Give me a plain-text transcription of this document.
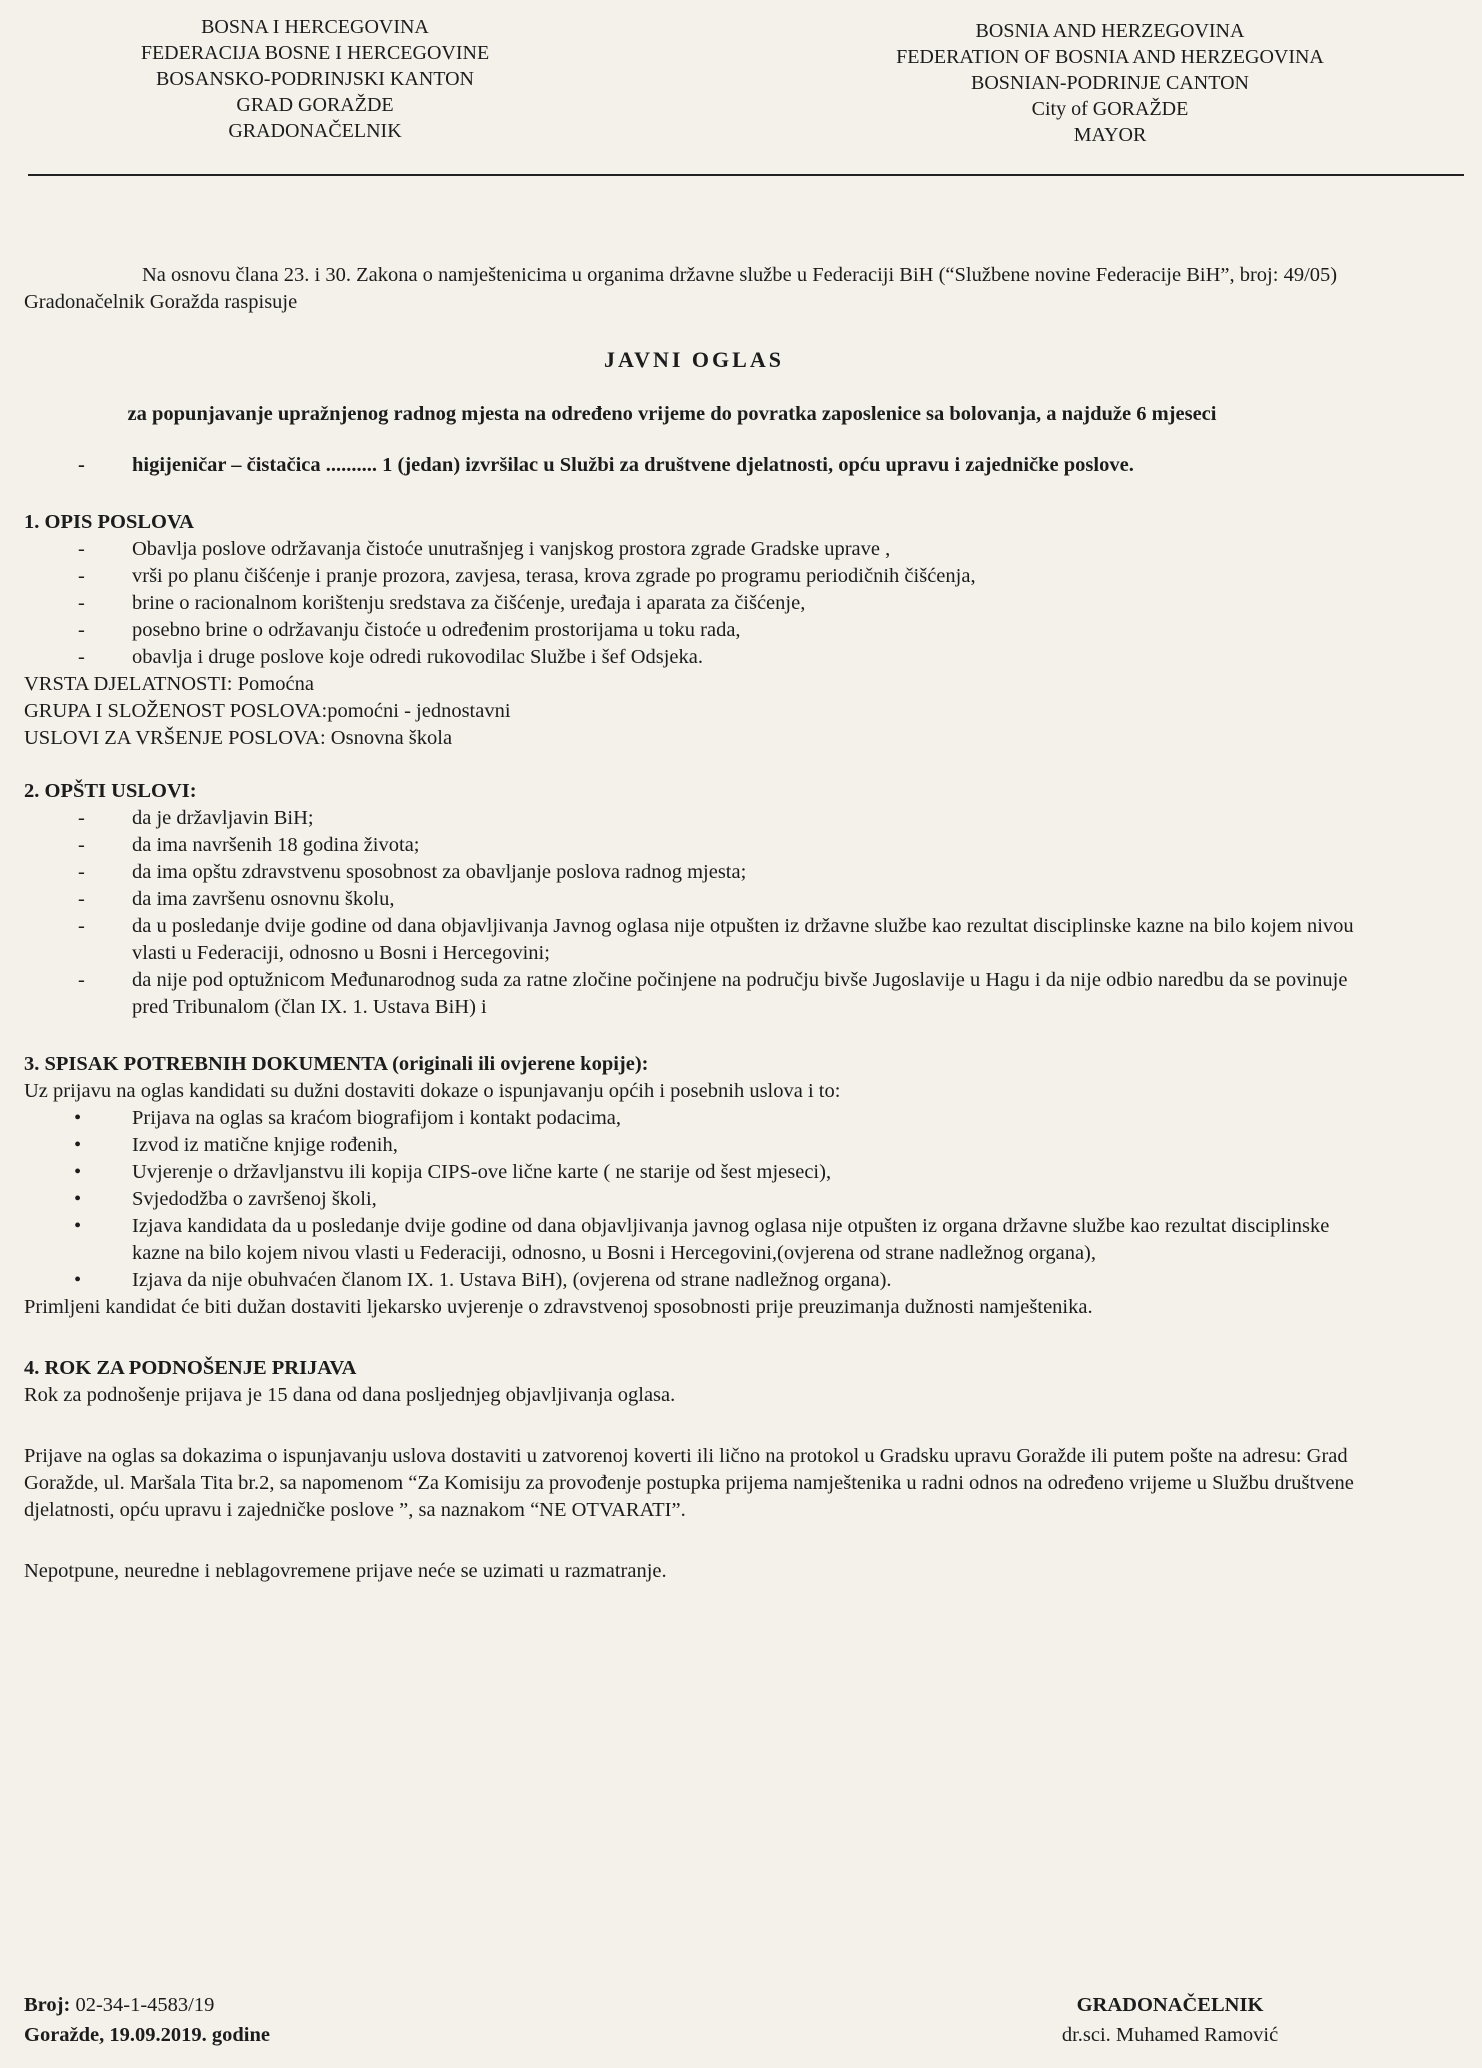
BOSNA I HERCEGOVINA
FEDERACIJA BOSNE I HERCEGOVINE
BOSANSKO-PODRINJSKI KANTON
GRAD GORAŽDE
GRADONAČELNIK
BOSNIA AND HERZEGOVINA
FEDERATION OF BOSNIA AND HERZEGOVINA
BOSNIAN-PODRINJE CANTON
City of GORAŽDE
MAYOR

Na osnovu člana 23. i 30. Zakona o namještenicima u organima državne službe u Federaciji BiH (“Službene novine Federacije BiH”, broj: 49/05) Gradonačelnik Goražda raspisuje

JAVNI OGLAS

za popunjavanje upražnjenog radnog mjesta na određeno vrijeme do povratka zaposlenice sa bolovanja, a najduže 6 mjeseci

-	higijeničar – čistačica .......... 1 (jedan) izvršilac u Službi za društvene djelatnosti, opću upravu i zajedničke poslove.

1. OPIS POSLOVA

-	Obavlja poslove održavanja čistoće unutrašnjeg i vanjskog prostora zgrade Gradske uprave ,
-	vrši po planu čišćenje i pranje prozora, zavjesa, terasa, krova zgrade po programu periodičnih čišćenja,
-	brine o racionalnom korištenju sredstava za čišćenje, uređaja i aparata za čišćenje,
-	posebno brine o održavanju čistoće u određenim prostorijama u toku rada,
-	obavlja i druge poslove koje odredi rukovodilac Službe i šef Odsjeka.

VRSTA DJELATNOSTI: Pomoćna

GRUPA I SLOŽENOST POSLOVA:pomoćni - jednostavni

USLOVI ZA VRŠENJE POSLOVA: Osnovna škola

2. OPŠTI USLOVI:

-	da je državljavin BiH;
-	da ima navršenih 18 godina života;
-	da ima opštu zdravstvenu sposobnost za obavljanje poslova radnog mjesta;
-	da ima završenu osnovnu školu,
-	da u posledanje dvije godine od dana objavljivanja Javnog oglasa nije otpušten iz državne službe kao rezultat disciplinske kazne na bilo kojem nivou vlasti u Federaciji, odnosno u Bosni i Hercegovini;
-	da nije pod optužnicom Međunarodnog suda za ratne zločine počinjene na području bivše Jugoslavije u Hagu i da nije odbio naredbu da se povinuje pred Tribunalom (član IX. 1. Ustava BiH) i

3. SPISAK POTREBNIH DOKUMENTA (originali ili ovjerene kopije):

Uz prijavu na oglas kandidati su dužni dostaviti dokaze o ispunjavanju općih i posebnih uslova i to:

•	Prijava na oglas sa kraćom biografijom i kontakt podacima,
•	Izvod iz matične knjige rođenih,
•	Uvjerenje o državljanstvu ili kopija CIPS-ove lične karte ( ne starije od šest mjeseci),
•	Svjedodžba o završenoj školi,
•	Izjava kandidata da u posledanje dvije godine od dana objavljivanja javnog oglasa nije otpušten iz organa državne službe kao rezultat disciplinske kazne na bilo kojem nivou vlasti u Federaciji, odnosno, u Bosni i Hercegovini,(ovjerena od strane nadležnog organa),
•	Izjava da nije obuhvaćen članom IX. 1. Ustava BiH), (ovjerena od strane nadležnog organa).

Primljeni kandidat će biti dužan dostaviti ljekarsko uvjerenje o zdravstvenoj sposobnosti prije preuzimanja dužnosti namještenika.

4. ROK ZA PODNOŠENJE PRIJAVA

Rok za podnošenje prijava je 15 dana od dana posljednjeg objavljivanja oglasa.

Prijave na oglas sa dokazima o ispunjavanju uslova dostaviti u zatvorenoj koverti ili lično na protokol u Gradsku upravu Goražde ili putem pošte na adresu: Grad Goražde, ul. Maršala Tita br.2, sa napomenom “Za Komisiju za provođenje postupka prijema namještenika u radni odnos na određeno vrijeme u Službu društvene djelatnosti, opću upravu i zajedničke poslove ”, sa naznakom “NE OTVARATI”.

Nepotpune, neuredne i neblagovremene prijave neće se uzimati u razmatranje.

Broj: 02-34-1-4583/19
Goražde, 19.09.2019. godine
GRADONAČELNIK
dr.sci. Muhamed Ramović
